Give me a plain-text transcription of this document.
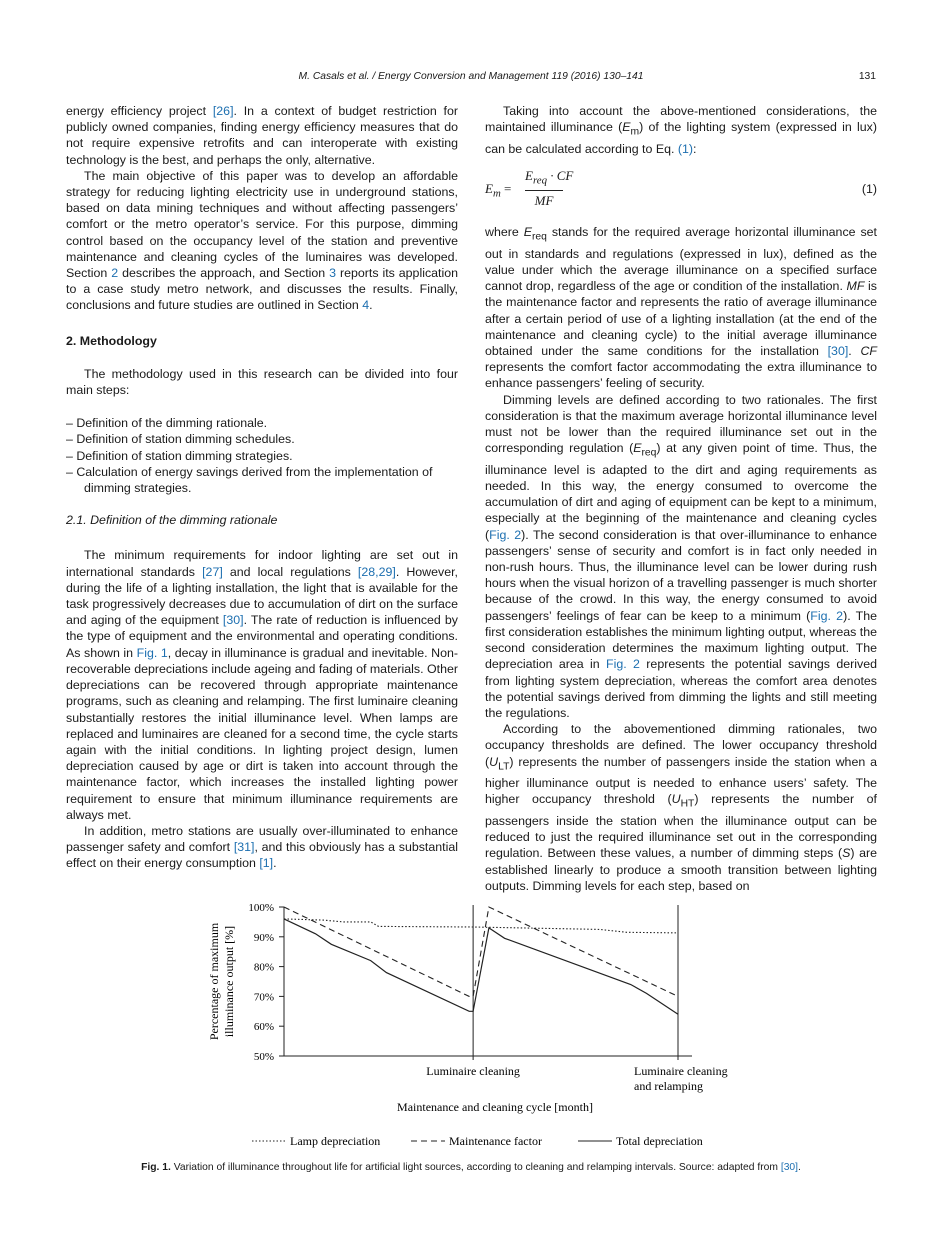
M. Casals et al. / Energy Conversion and Management 119 (2016) 130–141	131

energy efficiency project [26]. In a context of budget restriction for publicly owned companies, finding energy efficiency measures that do not require expensive retrofits and can interoperate with existing technology is the best, and perhaps the only, alternative.

The main objective of this paper was to develop an affordable strategy for reducing lighting electricity use in underground stations, based on data mining techniques and without affecting passengers’ comfort or the metro operator’s service. For this purpose, dimming control based on the occupancy level of the station and preventive maintenance and cleaning cycles of the luminaires was developed. Section 2 describes the approach, and Section 3 reports its application to a case study metro network, and discusses the results. Finally, conclusions and future studies are outlined in Section 4.

2. Methodology

The methodology used in this research can be divided into four main steps:

– Definition of the dimming rationale.
– Definition of station dimming schedules.
– Definition of station dimming strategies.
– Calculation of energy savings derived from the implementation of dimming strategies.

2.1. Definition of the dimming rationale

The minimum requirements for indoor lighting are set out in international standards [27] and local regulations [28,29]. However, during the life of a lighting installation, the light that is available for the task progressively decreases due to accumulation of dirt on the surface and aging of the equipment [30]. The rate of reduction is influenced by the type of equipment and the environmental and operating conditions. As shown in Fig. 1, decay in illuminance is gradual and inevitable. Non-recoverable depreciations include ageing and fading of materials. Other depreciations can be recovered through appropriate maintenance programs, such as cleaning and relamping. The first luminaire cleaning substantially restores the initial illuminance level. When lamps are replaced and luminaires are cleaned for a second time, the cycle starts again with the initial conditions. In lighting project design, lumen depreciation caused by age or dirt is taken into account through the maintenance factor, which increases the installed lighting power requirement to ensure that minimum illuminance requirements are always met.

In addition, metro stations are usually over-illuminated to enhance passenger safety and comfort [31], and this obviously has a substantial effect on their energy consumption [1].

Taking into account the above-mentioned considerations, the maintained illuminance $(E_m)$ of the lighting system (expressed in lux) can be calculated according to Eq. (1):

$E_m$ =
$E_{req}$ · CF
MF
(1)

where $E_{req}$ stands for the required average horizontal illuminance set out in standards and regulations (expressed in lux), defined as the value under which the average illuminance on a specified surface cannot drop, regardless of the age or condition of the installation. MF is the maintenance factor and represents the ratio of average illuminance after a certain period of use of a lighting installation (at the end of the maintenance and cleaning cycle) to the initial average illuminance obtained under the same conditions for the installation [30]. CF represents the comfort factor accommodating the extra illuminance to enhance passengers’ feeling of security.

Dimming levels are defined according to two rationales. The first consideration is that the maximum average horizontal illuminance level must not be lower than the required illuminance set out in the corresponding regulation $(E_{req})$ at any given point of time. Thus, the illuminance level is adapted to the dirt and aging requirements as needed. In this way, the energy consumed to overcome the accumulation of dirt and aging of equipment can be kept to a minimum, especially at the beginning of the maintenance and cleaning cycles (Fig. 2). The second consideration is that over-illuminance to enhance passengers’ sense of security and comfort is in fact only needed in non-rush hours. Thus, the illuminance level can be lower during rush hours when the visual horizon of a travelling passenger is much shorter because of the crowd. In this way, the energy consumed to avoid passengers’ feelings of fear can be keep to a minimum (Fig. 2). The first consideration establishes the minimum lighting output, whereas the second consideration determines the maximum lighting output. The depreciation area in Fig. 2 represents the potential savings derived from lighting system depreciation, whereas the comfort area denotes the potential savings derived from dimming the lights and still meeting the regulations.

According to the abovementioned dimming rationales, two occupancy thresholds are defined. The lower occupancy threshold $(U_{LT})$ represents the number of passengers inside the station when a higher illuminance output is needed to enhance users’ safety. The higher occupancy threshold $(U_{HT})$ represents the number of passengers inside the station when the illuminance output can be reduced to just the required illuminance set out in the corresponding regulation. Between these values, a number of dimming steps (S) are established linearly to produce a smooth transition between lighting outputs. Dimming levels for each step, based on

50%
60%
70%
80%
90%
100%
Luminaire cleaning	Luminaire cleaning
and relamping
Percentage of maximum illuminance output [%]
Maintenance and cleaning cycle [month]
Lamp depreciation	Maintenance factor	Total depreciation
Fig. 1. Variation of illuminance throughout life for artificial light sources, according to cleaning and relamping intervals. Source: adapted from [30].
